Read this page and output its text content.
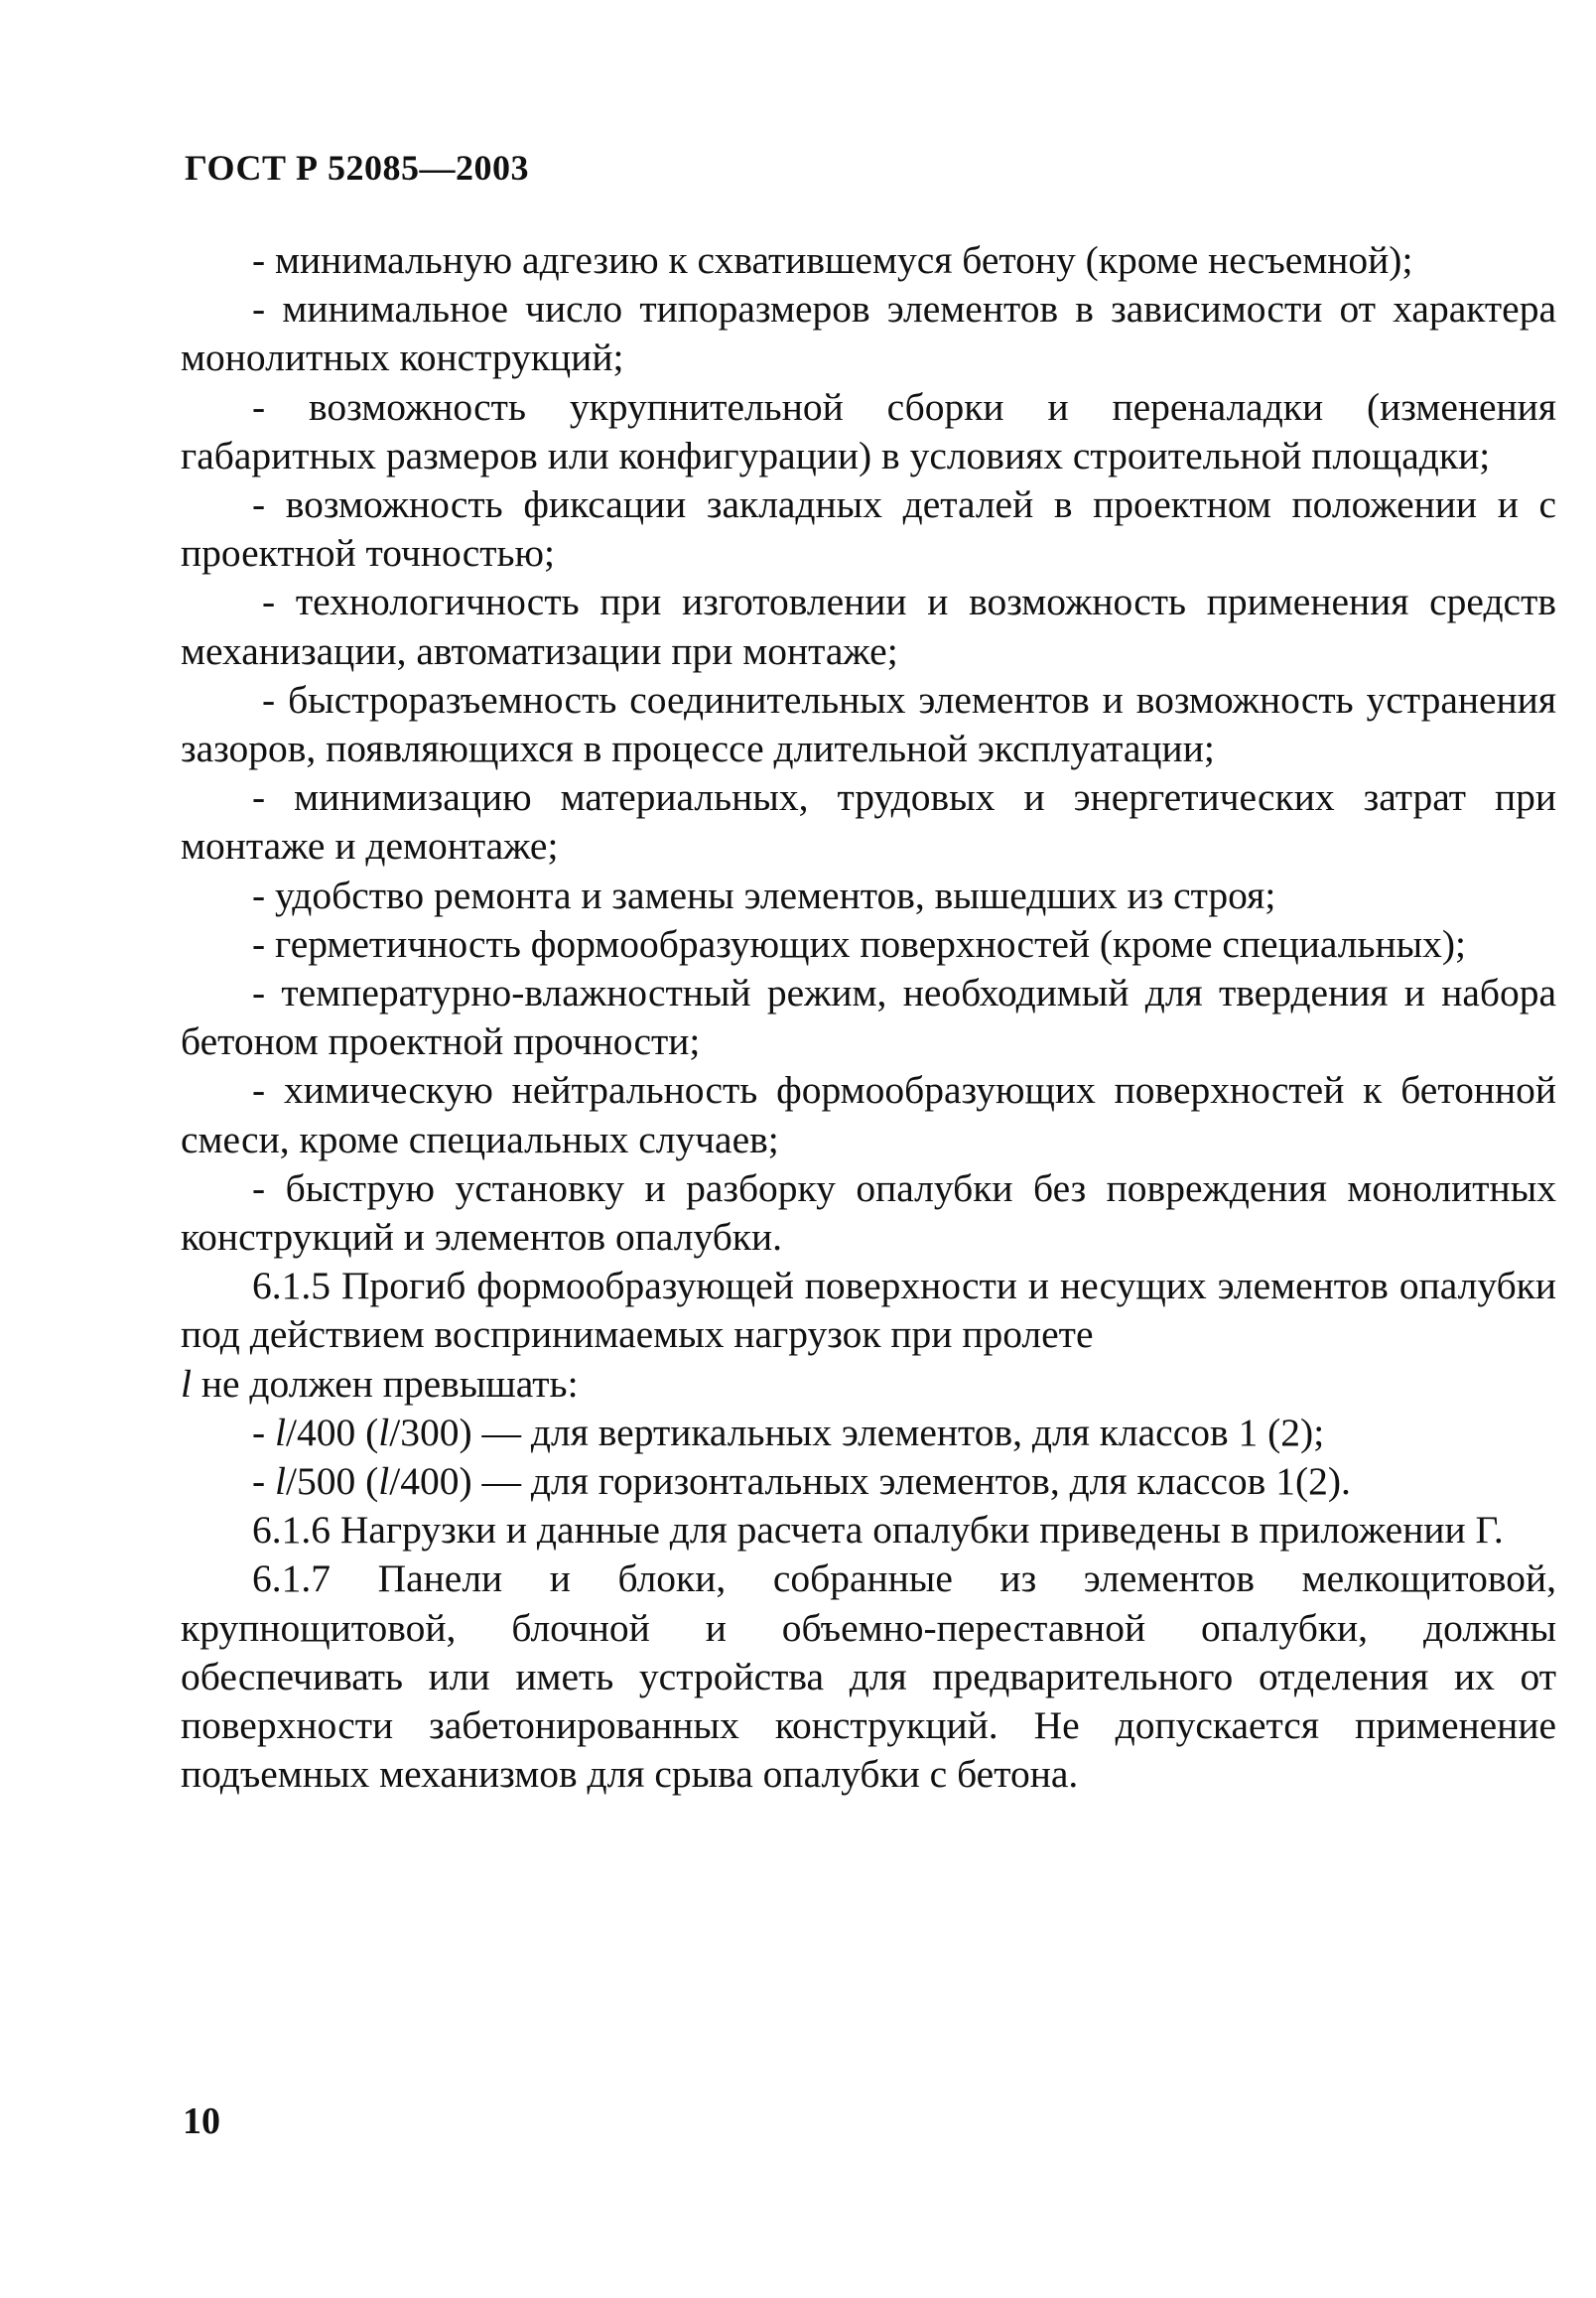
ГОСТ Р 52085—2003

- минимальную адгезию к схватившемуся бетону (кроме несъемной);

- минимальное число типоразмеров элементов в зависимости от характера монолитных конструкций;

- возможность укрупнительной сборки и переналадки (изменения габаритных размеров или конфигурации) в условиях строительной площадки;

- возможность фиксации закладных деталей в проектном положении и с проектной точностью;

- технологичность при изготовлении и возможность применения средств механизации, автоматизации при монтаже;

- быстроразъемность соединительных элементов и возможность устранения зазоров, появляющихся в процессе длительной эксплуатации;

- минимизацию материальных, трудовых и энергетических затрат при монтаже и демонтаже;

- удобство ремонта и замены элементов, вышедших из строя;

- герметичность формообразующих поверхностей (кроме специальных);

- температурно-влажностный режим, необходимый для твердения и набора бетоном проектной прочности;

- химическую нейтральность формообразующих поверхностей к бетонной смеси, кроме специальных случаев;

- быструю установку и разборку опалубки без повреждения монолитных конструкций и элементов опалубки.

6.1.5 Прогиб формообразующей поверхности и несущих элементов опалубки под действием воспринимаемых нагрузок при пролете
l не должен превышать:

- l/400 (l/300) — для вертикальных элементов, для классов 1 (2);

- l/500 (l/400) — для горизонтальных элементов, для классов 1(2).

6.1.6 Нагрузки и данные для расчета опалубки приведены в приложении Г.

6.1.7 Панели и блоки, собранные из элементов мелкощитовой, крупнощитовой, блочной и объемно-переставной опалубки, должны обеспечивать или иметь устройства для предварительного отделения их от поверхности забетонированных конструкций. Не допускается применение подъемных механизмов для срыва опалубки с бетона.

10
